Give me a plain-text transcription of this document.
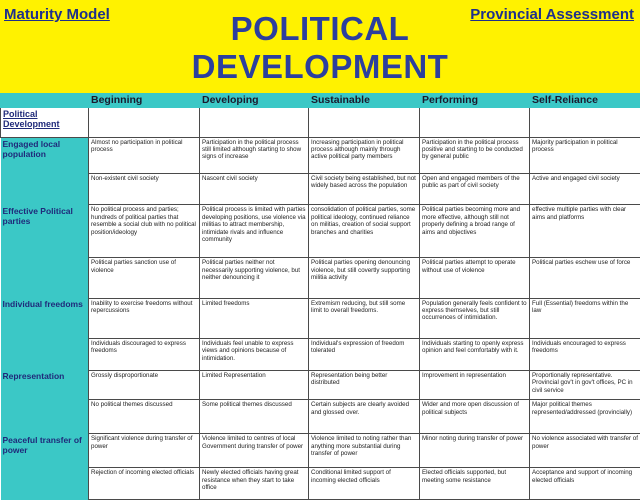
Maturity Model	Provincial Assessment
POLITICAL
DEVELOPMENT
	Beginning	Developing	Sustainable	Performing	Self-Reliance
Political Development					
Engaged local population	Almost no participation in political process	Participation in the political process still limited although starting to show signs of increase	Increasing participation in political process although mainly through active political party members	Participation in the political process positive and starting to be conducted by general public	Majority participation in political process
	Non-existent civil society	Nascent civil society	Civil society being established, but not widely based across the population	Open and engaged members of the public as part of civil society	Active and engaged civil society
Effective Political parties	No political process and parties; hundreds of political parties that resemble a social club with no political position/ideology	Political process is limited with parties developing positions, use violence via militias to attract membership, intimidate rivals and influence community	consolidation of political parties, some political ideology, continued reliance on militias, creation of social support branches and charities	Political parties becoming more and more effective, although still not properly defining a broad range of aims and objectives	effective multiple parties with clear aims and platforms
	Political parties sanction use of violence	Political parties neither not necessarily supporting violence, but neither denouncing it	Political parties opening denouncing violence, but still covertly supporting militia activity	Political parties attempt to operate without use of violence	Political parties eschew use of force
Individual freedoms	Inability to exercise freedoms without repercussions	Limited freedoms	Extremism reducing, but still some limit to overall freedoms.	Population generally feels confident to express themselves, but still occurrences of intimidation.	Full (Essential) freedoms within the law
	Individuals discouraged to express freedoms	Individuals feel unable to express views and opinions because of intimidation.	Individual's expression of freedom tolerated	Individuals starting to openly express opinion and feel comfortably with it.	Individuals encouraged to express freedoms
Representation	Grossly disproportionate	Limited Representation	Representation being better distributed	Improvement in representation	Proportionally representative. Provincial gov't in gov't offices, PC in civil service
	No political themes discussed	Some political themes discussed	Certain subjects are clearly avoided and glossed over.	Wider and more open discussion of political subjects	Major political themes represented/addressed (provincially)
Peaceful transfer of power	Significant violence during transfer of power	Violence limited to centres of local Government during transfer of power	Violence limited to noting rather than anything more substantial during transfer of power	Minor noting during transfer of power	No violence associated with transfer of power
	Rejection of incoming elected officials	Newly elected officials having great resistance when they start to take office	Conditional limited support of incoming elected officials	Elected officials supported, but meeting some resistance	Acceptance and support of incoming elected officials
